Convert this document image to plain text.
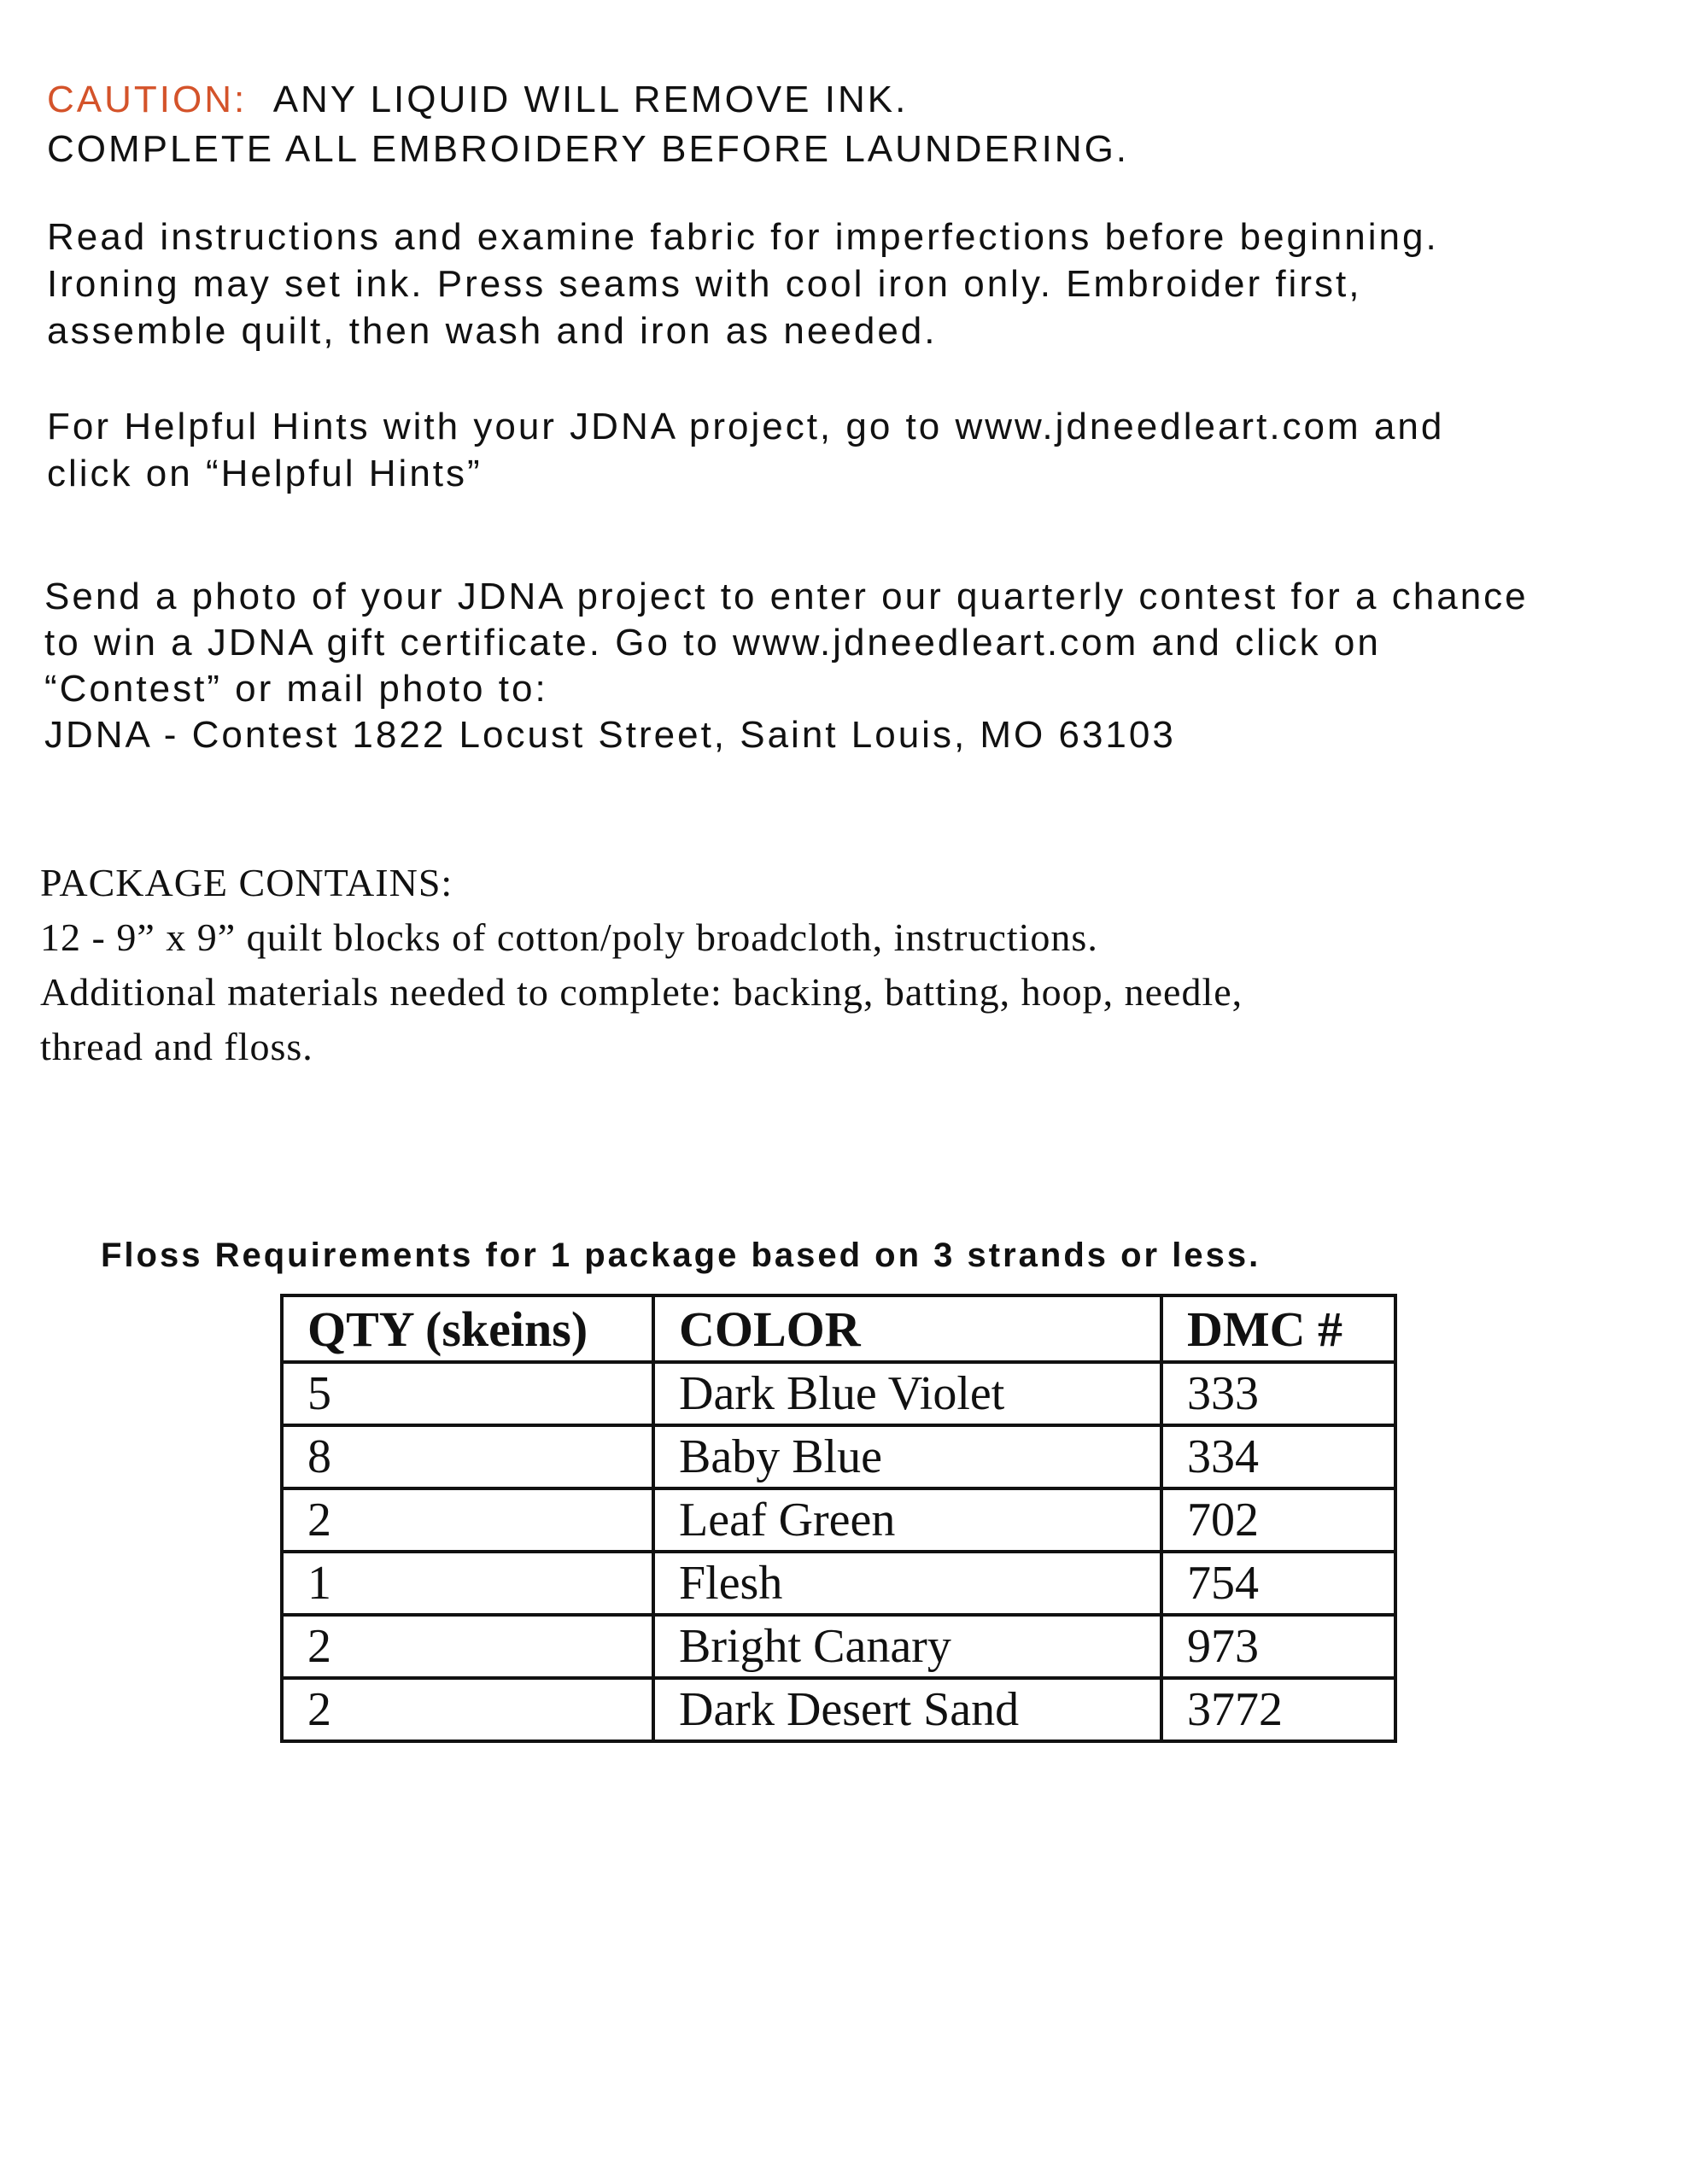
CAUTION: ANY LIQUID WILL REMOVE INK.
COMPLETE ALL EMBROIDERY BEFORE LAUNDERING.
Read instructions and examine fabric for imperfections before beginning.
Ironing may set ink. Press seams with cool iron only. Embroider first,
assemble quilt, then wash and iron as needed.
For Helpful Hints with your JDNA project, go to www.jdneedleart.com and
click on “Helpful Hints”
Send a photo of your JDNA project to enter our quarterly contest for a chance
to win a JDNA gift certificate. Go to www.jdneedleart.com and click on
“Contest” or mail photo to:
JDNA - Contest 1822 Locust Street, Saint Louis, MO 63103
PACKAGE CONTAINS:
12 - 9” x 9” quilt blocks of cotton/poly broadcloth, instructions.
Additional materials needed to complete: backing, batting, hoop, needle,
thread and floss.
Floss Requirements for 1 package based on 3 strands or less.
QTY (skeins)	COLOR	DMC #
5	Dark Blue Violet	333
8	Baby Blue	334
2	Leaf Green	702
1	Flesh	754
2	Bright Canary	973
2	Dark Desert Sand	3772
